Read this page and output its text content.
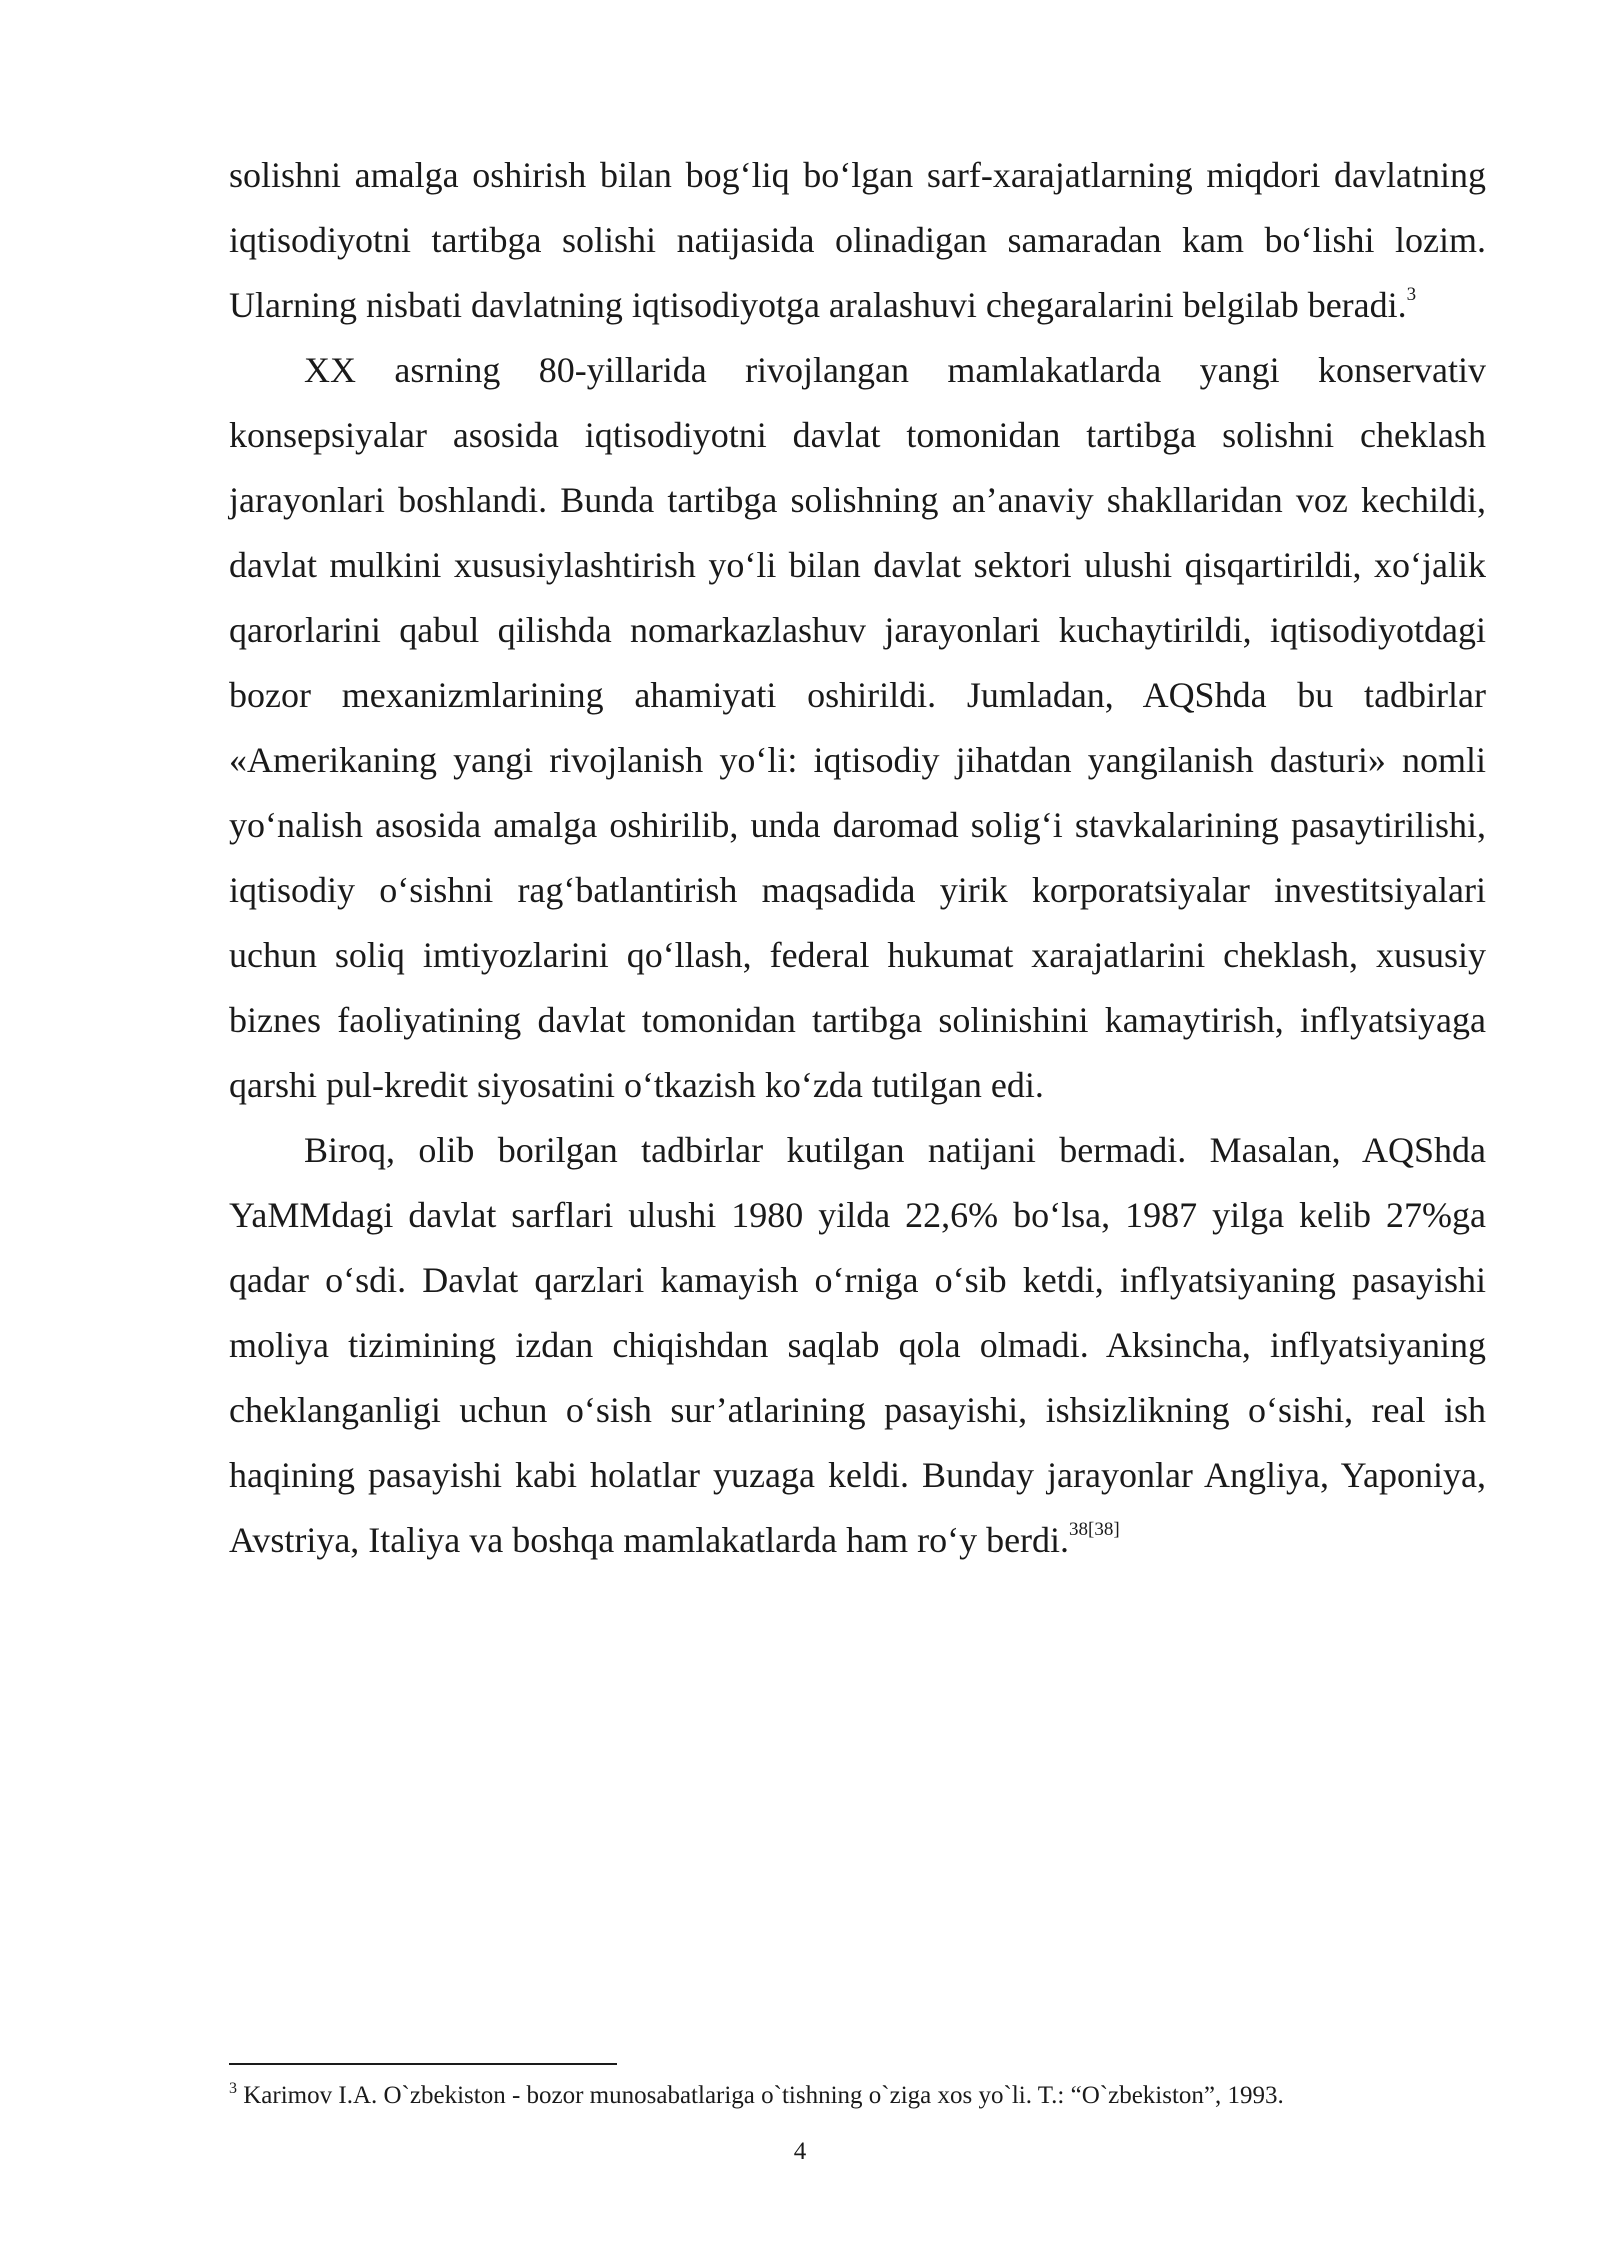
solishni amalga oshirish bilan bog‘liq bo‘lgan sarf-xarajatlarning miqdori davlatning iqtisodiyotni tartibga solishi natijasida olinadigan samaradan kam bo‘lishi lozim. Ularning nisbati davlatning iqtisodiyotga aralashuvi chegaralarini belgilab beradi.$^3$

XX asrning 80-yillarida rivojlangan mamlakatlarda yangi konservativ konsepsiyalar asosida iqtisodiyotni davlat tomonidan tartibga solishni cheklash jarayonlari boshlandi. Bunda tartibga solishning an’anaviy shakllaridan voz kechildi, davlat mulkini xususiylashtirish yo‘li bilan davlat sektori ulushi qisqartirildi, xo‘jalik qarorlarini qabul qilishda nomarkazlashuv jarayonlari kuchaytirildi, iqtisodiyotdagi bozor mexanizmlarining ahamiyati oshirildi. Jumladan, AQShda bu tadbirlar «Amerikaning yangi rivojlanish yo‘li: iqtisodiy jihatdan yangilanish dasturi» nomli yo‘nalish asosida amalga oshirilib, unda daromad solig‘i stavkalarining pasaytirilishi, iqtisodiy o‘sishni rag‘batlantirish maqsadida yirik korporatsiyalar investitsiyalari uchun soliq imtiyozlarini qo‘llash, federal hukumat xarajatlarini cheklash, xususiy biznes faoliyatining davlat tomonidan tartibga solinishini kamaytirish, inflyatsiyaga qarshi pul-kredit siyosatini o‘tkazish ko‘zda tutilgan edi.

Biroq, olib borilgan tadbirlar kutilgan natijani bermadi. Masalan, AQShda YaMMdagi davlat sarflari ulushi 1980 yilda 22,6% bo‘lsa, 1987 yilga kelib 27%ga qadar o‘sdi. Davlat qarzlari kamayish o‘rniga o‘sib ketdi, inflyatsiyaning pasayishi moliya tizimining izdan chiqishdan saqlab qola olmadi. Aksincha, inflyatsiyaning cheklanganligi uchun o‘sish sur’atlarining pasayishi, ishsizlikning o‘sishi, real ish haqining pasayishi kabi holatlar yuzaga keldi. Bunday jarayonlar Angliya, Yaponiya, Avstriya, Italiya va boshqa mamlakatlarda ham ro‘y berdi.$^{38[38]}$

$^3$ Karimov I.A. O`zbekiston - bozor munosabatlariga o`tishning o`ziga xos yo`li. T.: “O`zbekiston”, 1993.
4
